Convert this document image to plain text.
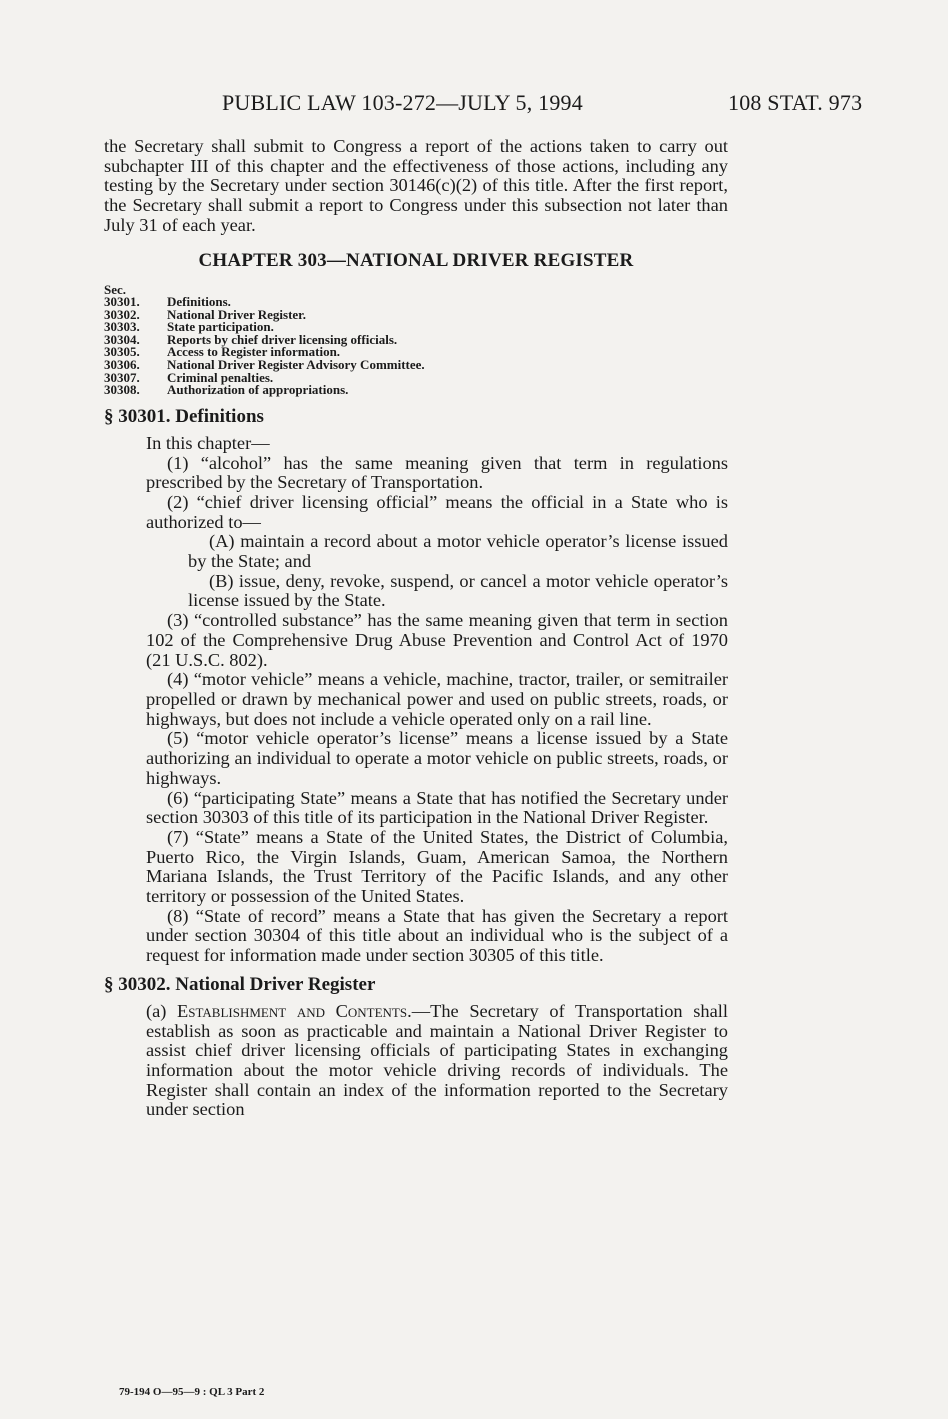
PUBLIC LAW 103-272—JULY 5, 1994	108 STAT. 973

the Secretary shall submit to Congress a report of the actions taken to carry out subchapter III of this chapter and the effectiveness of those actions, including any testing by the Secretary under section 30146(c)(2) of this title. After the first report, the Secretary shall submit a report to Congress under this subsection not later than July 31 of each year.

CHAPTER 303—NATIONAL DRIVER REGISTER
Sec.
30301.	Definitions.
30302.	National Driver Register.
30303.	State participation.
30304.	Reports by chief driver licensing officials.
30305.	Access to Register information.
30306.	National Driver Register Advisory Committee.
30307.	Criminal penalties.
30308.	Authorization of appropriations.
§ 30301. Definitions

In this chapter—

(1) “alcohol” has the same meaning given that term in regulations prescribed by the Secretary of Transportation.

(2) “chief driver licensing official” means the official in a State who is authorized to—

(A) maintain a record about a motor vehicle operator’s license issued by the State; and

(B) issue, deny, revoke, suspend, or cancel a motor vehicle operator’s license issued by the State.

(3) “controlled substance” has the same meaning given that term in section 102 of the Comprehensive Drug Abuse Prevention and Control Act of 1970 (21 U.S.C. 802).

(4) “motor vehicle” means a vehicle, machine, tractor, trailer, or semitrailer propelled or drawn by mechanical power and used on public streets, roads, or highways, but does not include a vehicle operated only on a rail line.

(5) “motor vehicle operator’s license” means a license issued by a State authorizing an individual to operate a motor vehicle on public streets, roads, or highways.

(6) “participating State” means a State that has notified the Secretary under section 30303 of this title of its participation in the National Driver Register.

(7) “State” means a State of the United States, the District of Columbia, Puerto Rico, the Virgin Islands, Guam, American Samoa, the Northern Mariana Islands, the Trust Territory of the Pacific Islands, and any other territory or possession of the United States.

(8) “State of record” means a State that has given the Secretary a report under section 30304 of this title about an individual who is the subject of a request for information made under section 30305 of this title.

§ 30302. National Driver Register

(a) Establishment and Contents.—The Secretary of Transportation shall establish as soon as practicable and maintain a National Driver Register to assist chief driver licensing officials of participating States in exchanging information about the motor vehicle driving records of individuals. The Register shall contain an index of the information reported to the Secretary under section

79-194 O—95—9 : QL 3 Part 2
